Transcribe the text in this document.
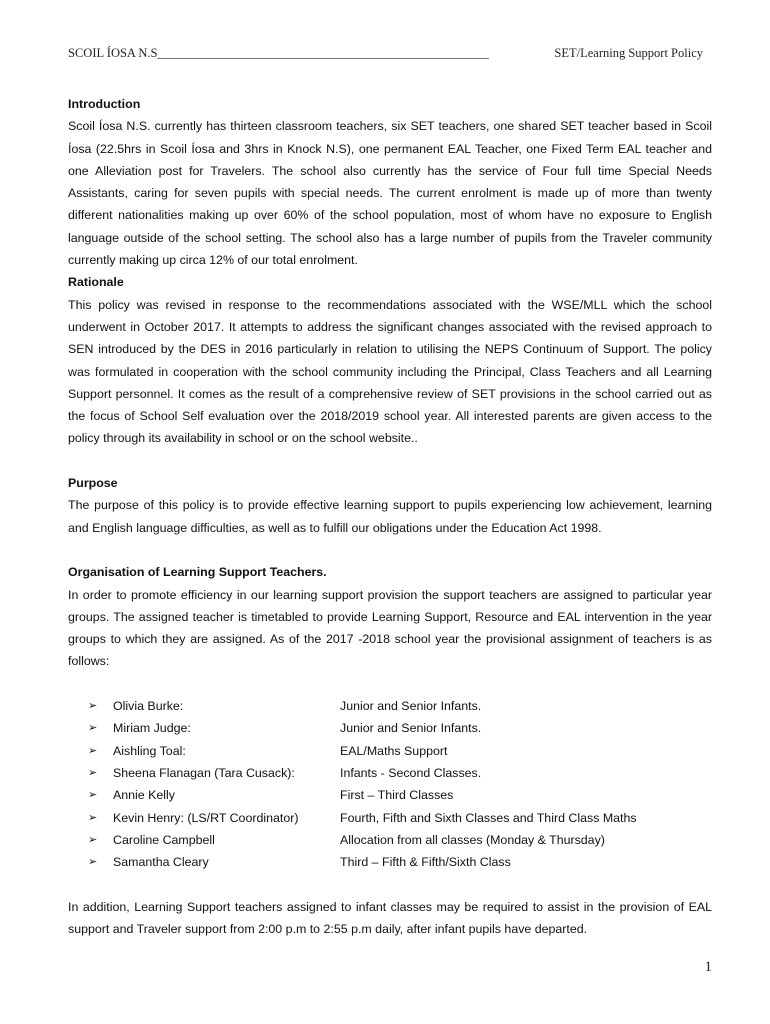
SCOIL ÍOSA N.S_____________________________________________________	SET/Learning Support Policy

Introduction

Scoil Íosa N.S. currently has thirteen classroom teachers, six SET teachers, one shared SET teacher based in Scoil Íosa (22.5hrs in Scoil Íosa and 3hrs in Knock N.S), one permanent EAL Teacher, one Fixed Term EAL teacher and one Alleviation post for Travelers. The school also currently has the service of Four full time Special Needs Assistants, caring for seven pupils with special needs. The current enrolment is made up of more than twenty different nationalities making up over 60% of the school population, most of whom have no exposure to English language outside of the school setting. The school also has a large number of pupils from the Traveler community currently making up circa 12% of our total enrolment.

Rationale

This policy was revised in response to the recommendations associated with the WSE/MLL which the school underwent in October 2017. It attempts to address the significant changes associated with the revised approach to SEN introduced by the DES in 2016 particularly in relation to utilising the NEPS Continuum of Support. The policy was formulated in cooperation with the school community including the Principal, Class Teachers and all Learning Support personnel. It comes as the result of a comprehensive review of SET provisions in the school carried out as the focus of School Self evaluation over the 2018/2019 school year. All interested parents are given access to the policy through its availability in school or on the school website..

Purpose

The purpose of this policy is to provide effective learning support to pupils experiencing low achievement, learning and English language difficulties, as well as to fulfill our obligations under the Education Act 1998.

Organisation of Learning Support Teachers.

In order to promote efficiency in our learning support provision the support teachers are assigned to particular year groups. The assigned teacher is timetabled to provide Learning Support, Resource and EAL intervention in the year groups to which they are assigned. As of the 2017 -2018 school year the provisional assignment of teachers is as follows:

➢ Olivia Burke:	Junior and Senior Infants.
➢ Miriam Judge:	Junior and Senior Infants.
➢ Aishling Toal:	EAL/Maths Support
➢ Sheena Flanagan (Tara Cusack):	Infants - Second Classes.
➢ Annie Kelly	First – Third Classes
➢ Kevin Henry: (LS/RT Coordinator)	Fourth, Fifth and Sixth Classes and Third Class Maths
➢ Caroline Campbell	Allocation from all classes (Monday & Thursday)
➢ Samantha Cleary	Third – Fifth & Fifth/Sixth Class

In addition, Learning Support teachers assigned to infant classes may be required to assist in the provision of EAL support and Traveler support from 2:00 p.m to 2:55 p.m daily, after infant pupils have departed.

1
